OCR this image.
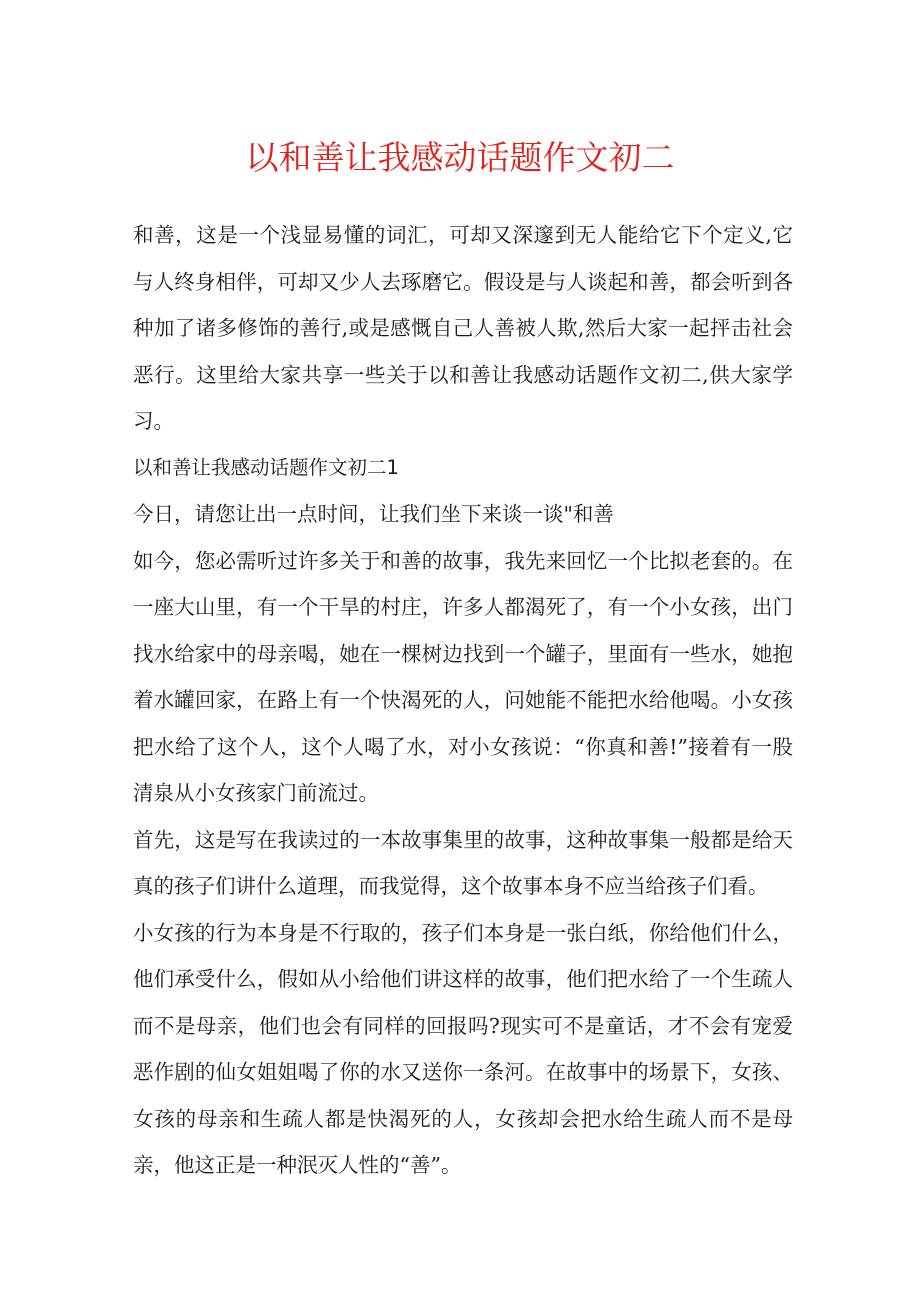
以和善让我感动话题作文初二

和善，这是一个浅显易懂的词汇，可却又深邃到无人能给它下个定义,它与人终身相伴，可却又少人去琢磨它。假设是与人谈起和善，都会听到各种加了诸多修饰的善行,或是感慨自己人善被人欺,然后大家一起抨击社会恶行。这里给大家共享一些关于以和善让我感动话题作文初二,供大家学习。

以和善让我感动话题作文初二1

今日，请您让出一点时间，让我们坐下来谈一谈"和善

如今，您必需听过许多关于和善的故事，我先来回忆一个比拟老套的。在一座大山里，有一个干旱的村庄，许多人都渴死了，有一个小女孩，出门找水给家中的母亲喝，她在一棵树边找到一个罐子，里面有一些水，她抱着水罐回家，在路上有一个快渴死的人，问她能不能把水给他喝。小女孩把水给了这个人，这个人喝了水，对小女孩说：“你真和善!”接着有一股清泉从小女孩家门前流过。

首先，这是写在我读过的一本故事集里的故事，这种故事集一般都是给天真的孩子们讲什么道理，而我觉得，这个故事本身不应当给孩子们看。

小女孩的行为本身是不行取的，孩子们本身是一张白纸，你给他们什么，他们承受什么，假如从小给他们讲这样的故事，他们把水给了一个生疏人而不是母亲，他们也会有同样的回报吗?现实可不是童话，才不会有宠爱恶作剧的仙女姐姐喝了你的水又送你一条河。在故事中的场景下，女孩、女孩的母亲和生疏人都是快渴死的人，女孩却会把水给生疏人而不是母亲，他这正是一种泯灭人性的“善”。
